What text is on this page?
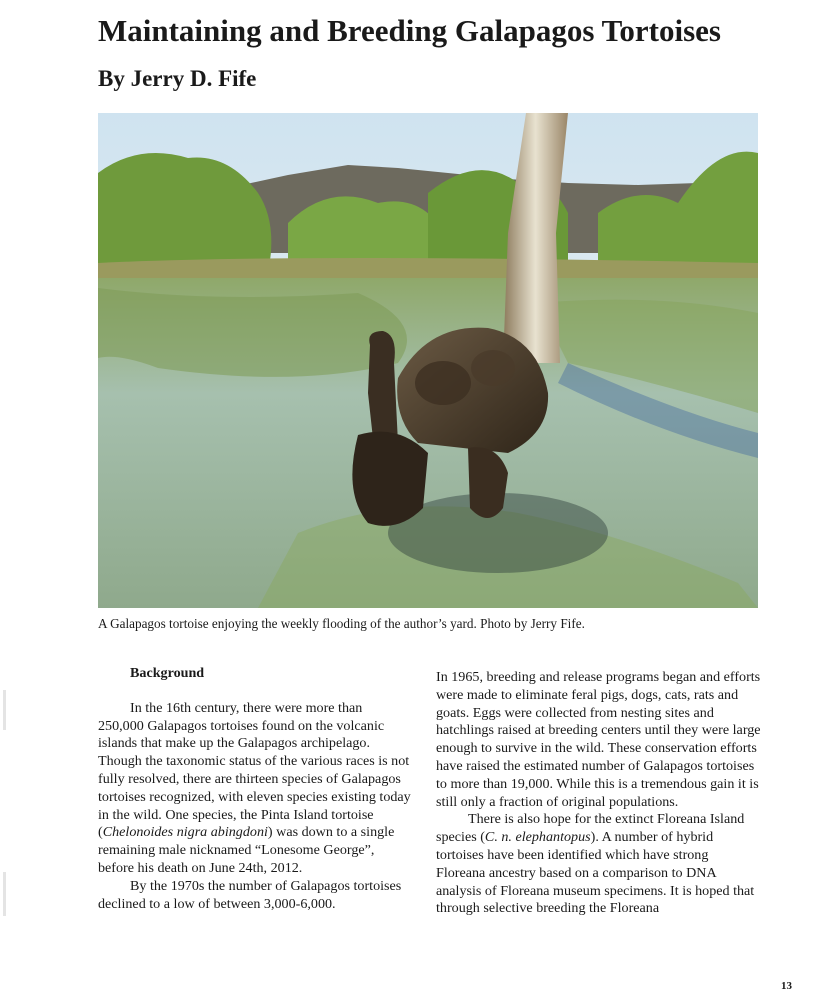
Maintaining and Breeding Galapagos Tortoises
By Jerry D. Fife
A Galapagos tortoise enjoying the weekly flooding of the author’s yard. Photo by Jerry Fife.

Background

In the 16th century, there were more than 250,000 Galapagos tortoises found on the volcanic islands that make up the Galapagos archipelago. Though the taxonomic status of the various races is not fully resolved, there are thirteen species of Galapagos tortoises recognized, with eleven species existing today in the wild. One species, the Pinta Island tortoise (Chelonoides nigra abingdoni) was down to a single remaining male nicknamed “Lonesome George”, before his death on June 24th, 2012.

By the 1970s the number of Galapagos tortoises declined to a low of between 3,000-6,000.

In 1965, breeding and release programs began and efforts were made to eliminate feral pigs, dogs, cats, rats and goats. Eggs were collected from nesting sites and hatchlings raised at breeding centers until they were large enough to survive in the wild. These conservation efforts have raised the estimated number of Galapagos tortoises to more than 19,000. While this is a tremendous gain it is still only a fraction of original populations.

There is also hope for the extinct Floreana Island species (C. n. elephantopus). A number of hybrid tortoises have been identified which have strong Floreana ancestry based on a comparison to DNA analysis of Floreana museum specimens. It is hoped that through selective breeding the Floreana

13
